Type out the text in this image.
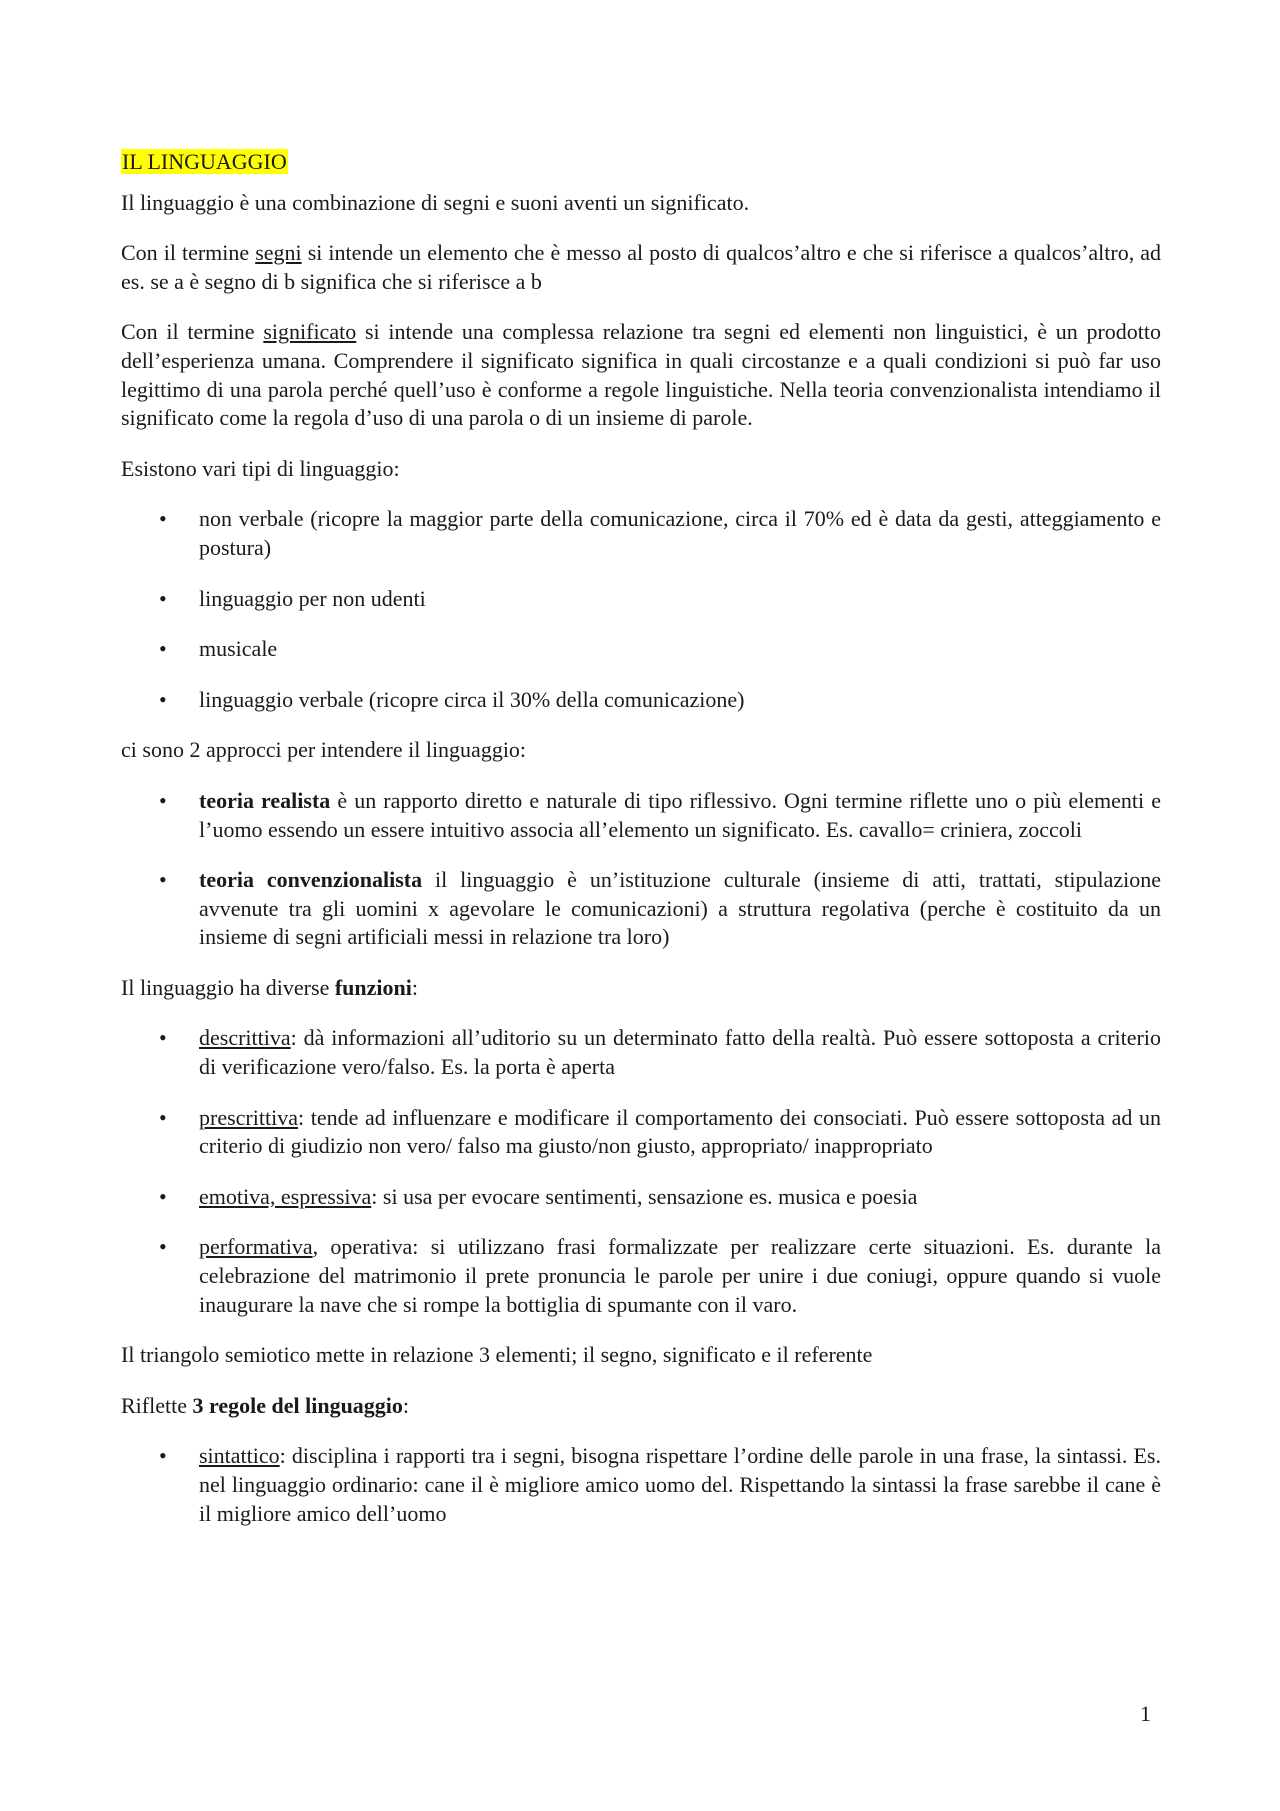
IL LINGUAGGIO

Il linguaggio è una combinazione di segni e suoni aventi un significato.

Con il termine segni si intende un elemento che è messo al posto di qualcos’altro e che si riferisce a qualcos’altro, ad es. se a è segno di b significa che si riferisce a b

Con il termine significato si intende una complessa relazione tra segni ed elementi non linguistici, è un prodotto dell’esperienza umana. Comprendere il significato significa in quali circostanze e a quali condizioni si può far uso legittimo di una parola perché quell’uso è conforme a regole linguistiche. Nella teoria convenzionalista intendiamo il significato come la regola d’uso di una parola o di un insieme di parole.

Esistono vari tipi di linguaggio:

• non verbale (ricopre la maggior parte della comunicazione, circa il 70% ed è data da gesti, atteggiamento e postura)
• linguaggio per non udenti
• musicale
• linguaggio verbale (ricopre circa il 30% della comunicazione)

ci sono 2 approcci per intendere il linguaggio:

• teoria realista è un rapporto diretto e naturale di tipo riflessivo. Ogni termine riflette uno o più elementi e l’uomo essendo un essere intuitivo associa all’elemento un significato. Es. cavallo= criniera, zoccoli
• teoria convenzionalista il linguaggio è un’istituzione culturale (insieme di atti, trattati, stipulazione avvenute tra gli uomini x agevolare le comunicazioni) a struttura regolativa (perche è costituito da un insieme di segni artificiali messi in relazione tra loro)

Il linguaggio ha diverse funzioni:

• descrittiva: dà informazioni all’uditorio su un determinato fatto della realtà. Può essere sottoposta a criterio di verificazione vero/falso. Es. la porta è aperta
• prescrittiva: tende ad influenzare e modificare il comportamento dei consociati. Può essere sottoposta ad un criterio di giudizio non vero/ falso ma giusto/non giusto, appropriato/ inappropriato
• emotiva, espressiva: si usa per evocare sentimenti, sensazione es. musica e poesia
• performativa, operativa: si utilizzano frasi formalizzate per realizzare certe situazioni. Es. durante la celebrazione del matrimonio il prete pronuncia le parole per unire i due coniugi, oppure quando si vuole inaugurare la nave che si rompe la bottiglia di spumante con il varo.

Il triangolo semiotico mette in relazione 3 elementi; il segno, significato e il referente

Riflette 3 regole del linguaggio:

• sintattico: disciplina i rapporti tra i segni, bisogna rispettare l’ordine delle parole in una frase, la sintassi. Es. nel linguaggio ordinario: cane il è migliore amico uomo del. Rispettando la sintassi la frase sarebbe il cane è il migliore amico dell’uomo
1
